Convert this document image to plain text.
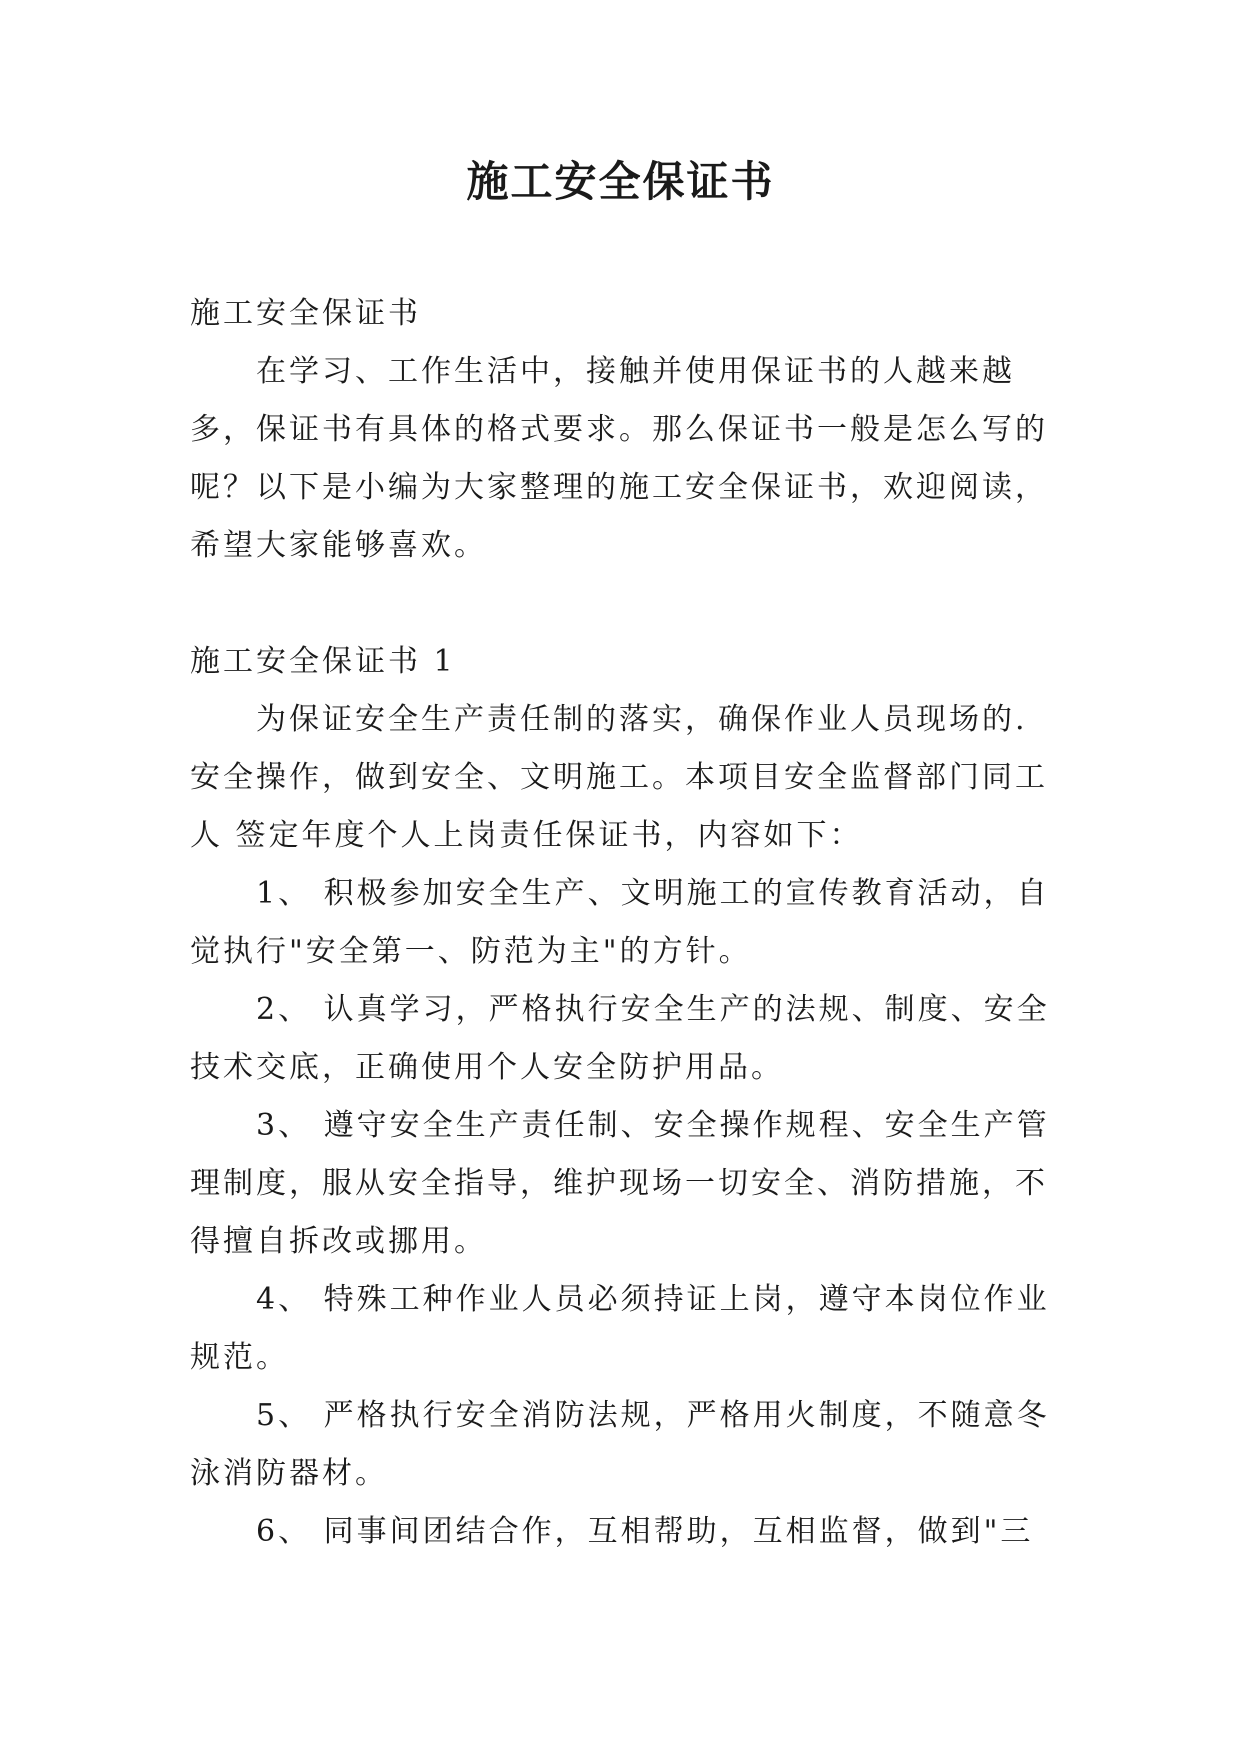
施工安全保证书

施工安全保证书

在学习、工作生活中，接触并使用保证书的人越来越多，保证书有具体的格式要求。那么保证书一般是怎么写的呢？以下是小编为大家整理的施工安全保证书，欢迎阅读，希望大家能够喜欢。

施工安全保证书 1

为保证安全生产责任制的落实，确保作业人员现场的. 安全操作，做到安全、文明施工。本项目安全监督部门同工人 签定年度个人上岗责任保证书，内容如下：

1、 积极参加安全生产、文明施工的宣传教育活动，自觉执行"安全第一、防范为主"的方针。

2、 认真学习，严格执行安全生产的法规、制度、安全技术交底，正确使用个人安全防护用品。

3、 遵守安全生产责任制、安全操作规程、安全生产管理制度，服从安全指导，维护现场一切安全、消防措施，不得擅自拆改或挪用。

4、 特殊工种作业人员必须持证上岗，遵守本岗位作业规范。

5、 严格执行安全消防法规，严格用火制度，不随意冬泳消防器材。

6、 同事间团结合作，互相帮助，互相监督，做到"三
